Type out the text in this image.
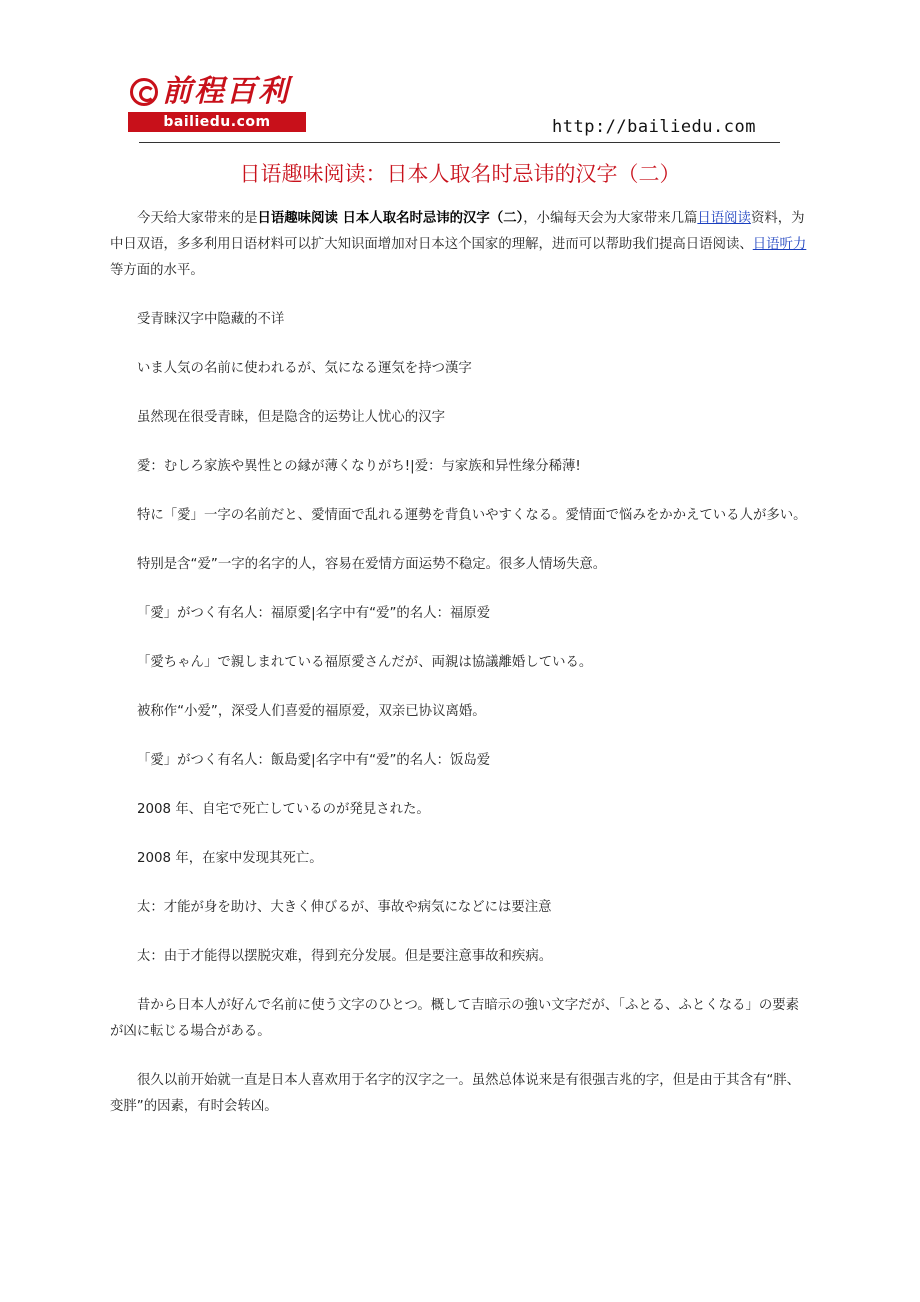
前程百利
bailiedu.com	http://bailiedu.com
日语趣味阅读：日本人取名时忌讳的汉字（二）

今天给大家带来的是日语趣味阅读 日本人取名时忌讳的汉字（二），小编每天会为大家带来几篇日语阅读资料，为中日双语，多多利用日语材料可以扩大知识面增加对日本这个国家的理解，进而可以帮助我们提高日语阅读、日语听力等方面的水平。

受青睐汉字中隐藏的不详

いま人気の名前に使われるが、気になる運気を持つ漢字

虽然现在很受青睐，但是隐含的运势让人忧心的汉字

愛：むしろ家族や異性との縁が薄くなりがち!|爱：与家族和异性缘分稀薄!

特に「愛」一字の名前だと、愛情面で乱れる運勢を背負いやすくなる。愛情面で悩みをかかえている人が多い。

特别是含“爱”一字的名字的人，容易在爱情方面运势不稳定。很多人情场失意。

「愛」がつく有名人：福原愛|名字中有“爱”的名人：福原爱

「愛ちゃん」で親しまれている福原愛さんだが、両親は協議離婚している。

被称作“小爱”，深受人们喜爱的福原爱，双亲已协议离婚。

「愛」がつく有名人：飯島愛|名字中有“爱”的名人：饭岛爱

2008 年、自宅で死亡しているのが発見された。

2008 年，在家中发现其死亡。

太：才能が身を助け、大きく伸びるが、事故や病気になどには要注意

太：由于才能得以摆脱灾难，得到充分发展。但是要注意事故和疾病。

昔から日本人が好んで名前に使う文字のひとつ。概して吉暗示の強い文字だが、「ふとる、ふとくなる」の要素が凶に転じる場合がある。

很久以前开始就一直是日本人喜欢用于名字的汉字之一。虽然总体说来是有很强吉兆的字，但是由于其含有“胖、变胖”的因素，有时会转凶。
